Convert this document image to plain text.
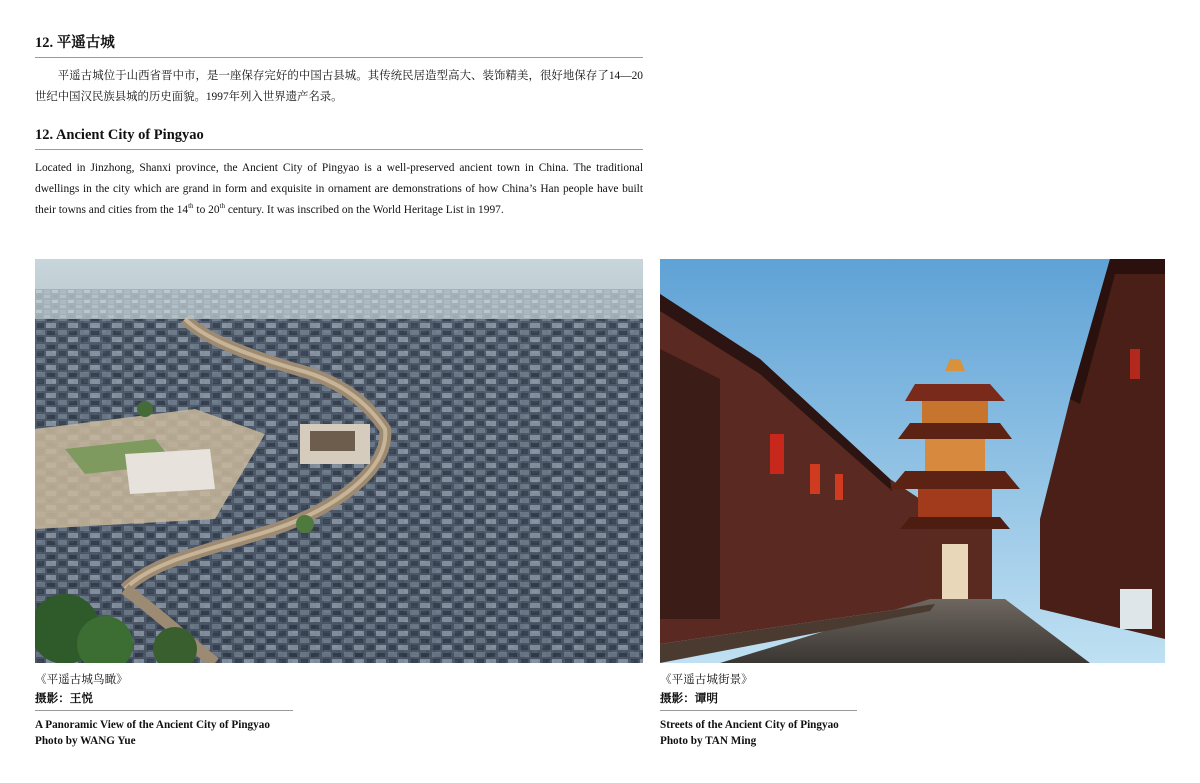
12. 平遥古城

平遥古城位于山西省晋中市，是一座保存完好的中国古县城。其传统民居造型高大、装饰精美，很好地保存了14—20世纪中国汉民族县城的历史面貌。1997年列入世界遗产名录。

12. Ancient City of Pingyao

Located in Jinzhong, Shanxi province, the Ancient City of Pingyao is a well-preserved ancient town in China. The traditional dwellings in the city which are grand in form and exquisite in ornament are demonstrations of how China’s Han people have built their towns and cities from the 14th to 20th century. It was inscribed on the World Heritage List in 1997.

《平遥古城鸟瞰》
摄影：王悦
A Panoramic View of the Ancient City of Pingyao
Photo by WANG Yue
《平遥古城街景》
摄影：谭明
Streets of the Ancient City of Pingyao
Photo by TAN Ming
